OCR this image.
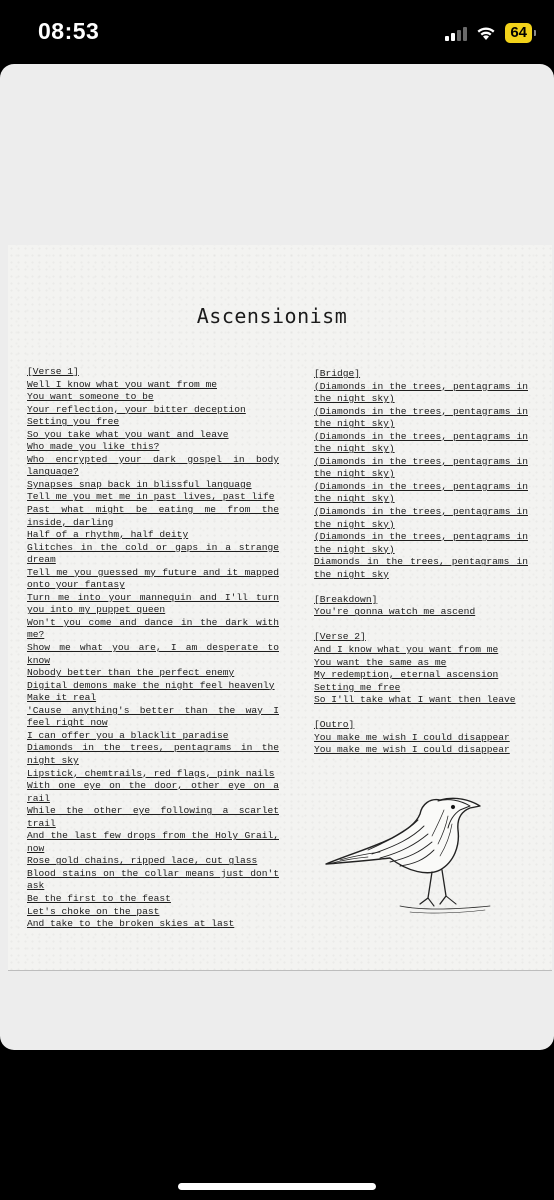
08:53	64
Ascensionism
[Verse 1]
Well I know what you want from me
You want someone to be
Your reflection, your bitter deception
Setting you free
So you take what you want and leave
Who made you like this?
Who encrypted your dark gospel in body language?
Synapses snap back in blissful language
Tell me you met me in past lives, past life
Past what might be eating me from the inside, darling
Half of a rhythm, half deity
Glitches in the cold or gaps in a strange dream
Tell me you guessed my future and it mapped onto your fantasy
Turn me into your mannequin and I'll turn you into my puppet queen
Won't you come and dance in the dark with me?
Show me what you are, I am desperate to know
Nobody better than the perfect enemy
Digital demons make the night feel heavenly
Make it real
'Cause anything's better than the way I feel right now
I can offer you a blacklit paradise
Diamonds in the trees, pentagrams in the night sky
Lipstick, chemtrails, red flags, pink nails
With one eye on the door, other eye on a rail
While the other eye following a scarlet trail
And the last few drops from the Holy Grail, now
Rose gold chains, ripped lace, cut glass
Blood stains on the collar means just don't ask
Be the first to the feast
Let's choke on the past
And take to the broken skies at last
[Bridge]
(Diamonds in the trees, pentagrams in the night sky)
(Diamonds in the trees, pentagrams in the night sky)
(Diamonds in the trees, pentagrams in the night sky)
(Diamonds in the trees, pentagrams in the night sky)
(Diamonds in the trees, pentagrams in the night sky)
(Diamonds in the trees, pentagrams in the night sky)
(Diamonds in the trees, pentagrams in the night sky)
Diamonds in the trees, pentagrams in the night sky
[Breakdown]
You're gonna watch me ascend
[Verse 2]
And I know what you want from me
You want the same as me
My redemption, eternal ascension
Setting me free
So I'll take what I want then leave
[Outro]
You make me wish I could disappear
You make me wish I could disappear
